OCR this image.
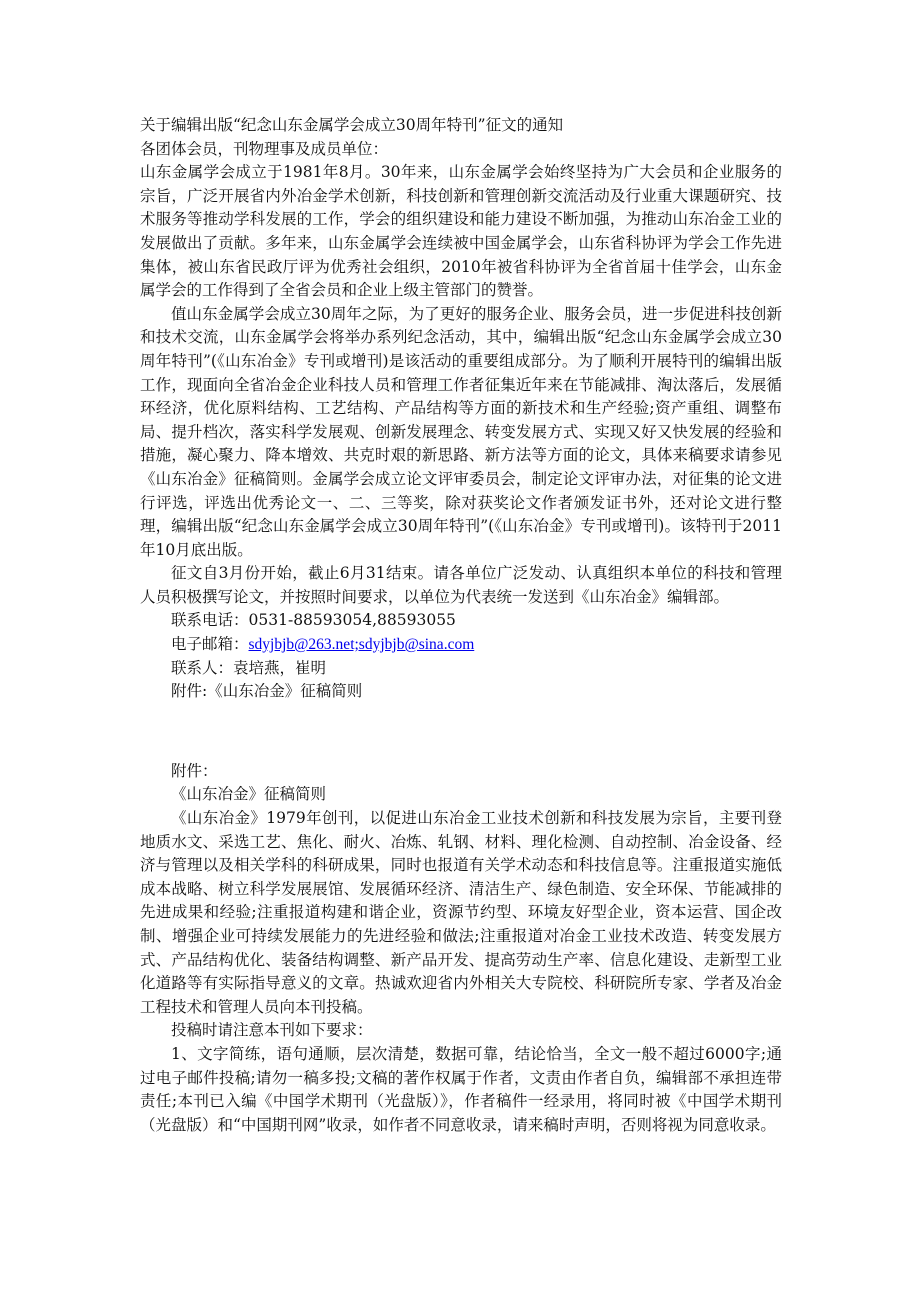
关于编辑出版“纪念山东金属学会成立30周年特刊”征文的通知

各团体会员，刊物理事及成员单位：

山东金属学会成立于1981年8月。30年来，山东金属学会始终坚持为广大会员和企业服务的宗旨，广泛开展省内外冶金学术创新，科技创新和管理创新交流活动及行业重大课题研究、技术服务等推动学科发展的工作，学会的组织建设和能力建设不断加强，为推动山东冶金工业的发展做出了贡献。多年来，山东金属学会连续被中国金属学会，山东省科协评为学会工作先进集体，被山东省民政厅评为优秀社会组织，2010年被省科协评为全省首届十佳学会，山东金属学会的工作得到了全省会员和企业上级主管部门的赞誉。

值山东金属学会成立30周年之际，为了更好的服务企业、服务会员，进一步促进科技创新和技术交流，山东金属学会将举办系列纪念活动，其中，编辑出版“纪念山东金属学会成立30周年特刊”(《山东冶金》专刊或增刊)是该活动的重要组成部分。为了顺利开展特刊的编辑出版工作，现面向全省冶金企业科技人员和管理工作者征集近年来在节能减排、淘汰落后，发展循环经济，优化原料结构、工艺结构、产品结构等方面的新技术和生产经验;资产重组、调整布局、提升档次，落实科学发展观、创新发展理念、转变发展方式、实现又好又快发展的经验和措施，凝心聚力、降本增效、共克时艰的新思路、新方法等方面的论文，具体来稿要求请参见《山东冶金》征稿简则。金属学会成立论文评审委员会，制定论文评审办法，对征集的论文进行评选，评选出优秀论文一、二、三等奖，除对获奖论文作者颁发证书外，还对论文进行整理，编辑出版“纪念山东金属学会成立30周年特刊”(《山东冶金》专刊或增刊)。该特刊于2011年10月底出版。

征文自3月份开始，截止6月31结束。请各单位广泛发动、认真组织本单位的科技和管理人员积极撰写论文，并按照时间要求，以单位为代表统一发送到《山东冶金》编辑部。

联系电话：0531-88593054,88593055

电子邮箱：sdyjbjb@263.net;sdyjbjb@sina.com

联系人：袁培燕，崔明

附件:《山东冶金》征稿简则

附件：

《山东冶金》征稿简则

《山东冶金》1979年创刊，以促进山东冶金工业技术创新和科技发展为宗旨，主要刊登地质水文、采选工艺、焦化、耐火、冶炼、轧钢、材料、理化检测、自动控制、冶金设备、经济与管理以及相关学科的科研成果，同时也报道有关学术动态和科技信息等。注重报道实施低成本战略、树立科学发展展馆、发展循环经济、清洁生产、绿色制造、安全环保、节能减排的先进成果和经验;注重报道构建和谐企业，资源节约型、环境友好型企业，资本运营、国企改制、增强企业可持续发展能力的先进经验和做法;注重报道对冶金工业技术改造、转变发展方式、产品结构优化、装备结构调整、新产品开发、提高劳动生产率、信息化建设、走新型工业化道路等有实际指导意义的文章。热诚欢迎省内外相关大专院校、科研院所专家、学者及冶金工程技术和管理人员向本刊投稿。

投稿时请注意本刊如下要求：

1、文字简练，语句通顺，层次清楚，数据可靠，结论恰当，全文一般不超过6000字;通过电子邮件投稿;请勿一稿多投;文稿的著作权属于作者，文责由作者自负，编辑部不承担连带责任;本刊已入编《中国学术期刊（光盘版）》，作者稿件一经录用，将同时被《中国学术期刊（光盘版）和“中国期刊网”收录，如作者不同意收录，请来稿时声明，否则将视为同意收录。
